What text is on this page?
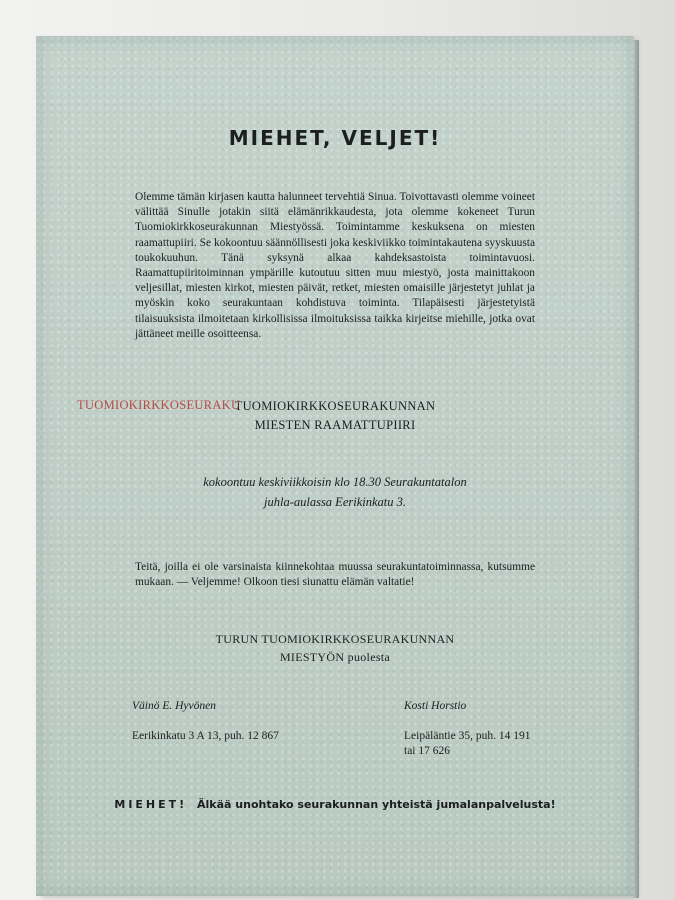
MIEHET, VELJET!

Olemme tämän kirjasen kautta halunneet tervehtiä Sinua. Toivottavasti olemme voineet välittää Sinulle jotakin siitä elämänrikkaudesta, jota olemme kokeneet Turun Tuomiokirkkoseurakunnan Miestyössä. Toimintamme keskuksena on miesten raamattupiiri. Se kokoontuu säännöllisesti joka keskiviikko toimintakautena syyskuusta toukokuuhun. Tänä syksynä alkaa kahdeksastoista toimintavuosi. Raamattupiiritoiminnan ympärille kutoutuu sitten muu miestyö, josta mainittakoon veljesillat, miesten kirkot, miesten päivät, retket, miesten omaisille järjestetyt juhlat ja myöskin koko seurakuntaan kohdistuva toiminta. Tilapäisesti järjestetyistä tilaisuuksista ilmoitetaan kirkollisissa ilmoituksissa taikka kirjeitse miehille, jotka ovat jättäneet meille osoitteensa.

TUOMIOKIRKKOSEURAKUNNAN
TUOMIOKIRKKOSEURAKU
MIESTEN RAAMATTUPIIRI
kokoontuu keskiviikkoisin klo 18.30 Seurakuntatalon
juhla-aulassa Eerikinkatu 3.

Teitä, joilla ei ole varsinaista kiinnekohtaa muussa seurakuntatoiminnassa, kutsumme mukaan. — Veljemme! Olkoon tiesi siunattu elämän valtatie!

TURUN TUOMIOKIRKKOSEURAKUNNAN
MIESTYÖN puolesta
Väinö E. Hyvönen
Eerikinkatu 3 A 13, puh. 12 867
Kosti Horstio
Leipäläntie 35, puh. 14 191
tai 17 626
MIEHET! Älkää unohtako seurakunnan yhteistä jumalanpalvelusta!
